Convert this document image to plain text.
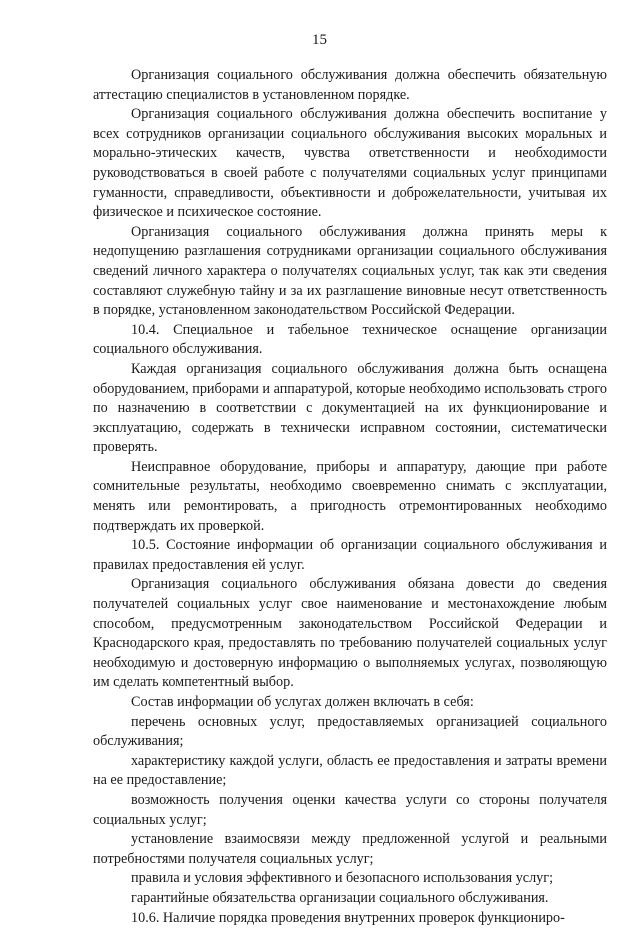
15

Организация социального обслуживания должна обеспечить обязательную аттестацию специалистов в установленном порядке.

Организация социального обслуживания должна обеспечить воспитание у всех сотрудников организации социального обслуживания высоких моральных и морально-этических качеств, чувства ответственности и необходимости руководствоваться в своей работе с получателями социальных услуг принципами гуманности, справедливости, объективности и доброжелательности, учитывая их физическое и психическое состояние.

Организация социального обслуживания должна принять меры к недопущению разглашения сотрудниками организации социального обслуживания сведений личного характера о получателях социальных услуг, так как эти сведения составляют служебную тайну и за их разглашение виновные несут ответственность в порядке, установленном законодательством Российской Федерации.

10.4. Специальное и табельное техническое оснащение организации социального обслуживания.

Каждая организация социального обслуживания должна быть оснащена оборудованием, приборами и аппаратурой, которые необходимо использовать строго по назначению в соответствии с документацией на их функционирование и эксплуатацию, содержать в технически исправном состоянии, систематически проверять.

Неисправное оборудование, приборы и аппаратуру, дающие при работе сомнительные результаты, необходимо своевременно снимать с эксплуатации, менять или ремонтировать, а пригодность отремонтированных необходимо подтверждать их проверкой.

10.5. Состояние информации об организации социального обслуживания и правилах предоставления ей услуг.

Организация социального обслуживания обязана довести до сведения получателей социальных услуг свое наименование и местонахождение любым способом, предусмотренным законодательством Российской Федерации и Краснодарского края, предоставлять по требованию получателей социальных услуг необходимую и достоверную информацию о выполняемых услугах, позволяющую им сделать компетентный выбор.

Состав информации об услугах должен включать в себя:

перечень основных услуг, предоставляемых организацией социального обслуживания;

характеристику каждой услуги, область ее предоставления и затраты времени на ее предоставление;

возможность получения оценки качества услуги со стороны получателя социальных услуг;

установление взаимосвязи между предложенной услугой и реальными потребностями получателя социальных услуг;

правила и условия эффективного и безопасного использования услуг;

гарантийные обязательства организации социального обслуживания.

10.6. Наличие порядка проведения внутренних проверок функциониро-
